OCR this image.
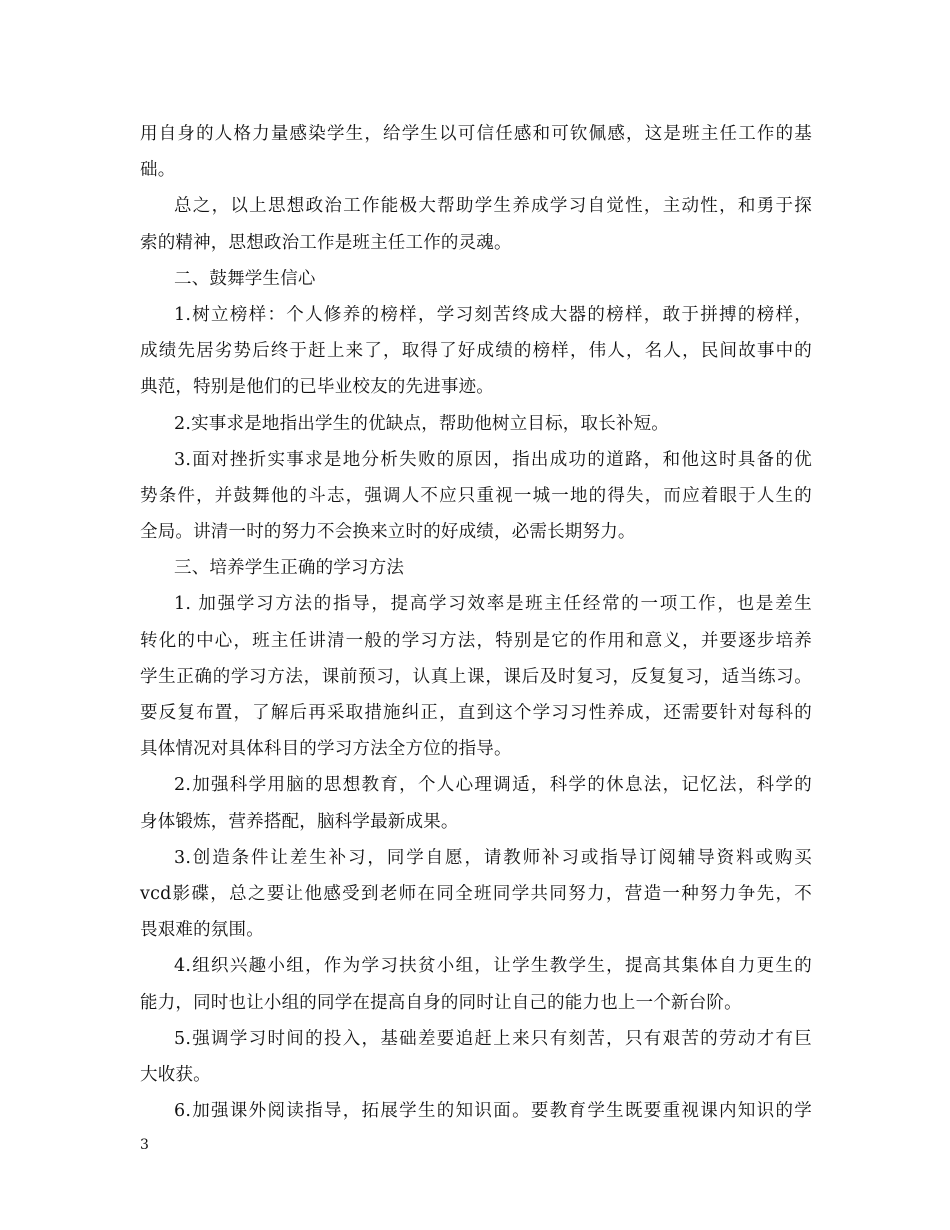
用自身的人格力量感染学生，给学生以可信任感和可钦佩感，这是班主任工作的基
础。
总之，以上思想政治工作能极大帮助学生养成学习自觉性，主动性，和勇于探
索的精神，思想政治工作是班主任工作的灵魂。
二、鼓舞学生信心
1.树立榜样：个人修养的榜样，学习刻苦终成大器的榜样，敢于拼搏的榜样，
成绩先居劣势后终于赶上来了，取得了好成绩的榜样，伟人，名人，民间故事中的
典范，特别是他们的已毕业校友的先进事迹。
2.实事求是地指出学生的优缺点，帮助他树立目标，取长补短。
3.面对挫折实事求是地分析失败的原因，指出成功的道路，和他这时具备的优
势条件，并鼓舞他的斗志，强调人不应只重视一城一地的得失，而应着眼于人生的
全局。讲清一时的努力不会换来立时的好成绩，必需长期努力。
三、培养学生正确的学习方法
1. 加强学习方法的指导，提高学习效率是班主任经常的一项工作，也是差生
转化的中心，班主任讲清一般的学习方法，特别是它的作用和意义，并要逐步培养
学生正确的学习方法，课前预习，认真上课，课后及时复习，反复复习，适当练习。
要反复布置，了解后再采取措施纠正，直到这个学习习性养成，还需要针对每科的
具体情况对具体科目的学习方法全方位的指导。
2.加强科学用脑的思想教育，个人心理调适，科学的休息法，记忆法，科学的
身体锻炼，营养搭配，脑科学最新成果。
3.创造条件让差生补习，同学自愿，请教师补习或指导订阅辅导资料或购买
vcd影碟，总之要让他感受到老师在同全班同学共同努力，营造一种努力争先，不
畏艰难的氛围。
4.组织兴趣小组，作为学习扶贫小组，让学生教学生，提高其集体自力更生的
能力，同时也让小组的同学在提高自身的同时让自己的能力也上一个新台阶。
5.强调学习时间的投入，基础差要追赶上来只有刻苦，只有艰苦的劳动才有巨
大收获。
6.加强课外阅读指导，拓展学生的知识面。要教育学生既要重视课内知识的学
3
